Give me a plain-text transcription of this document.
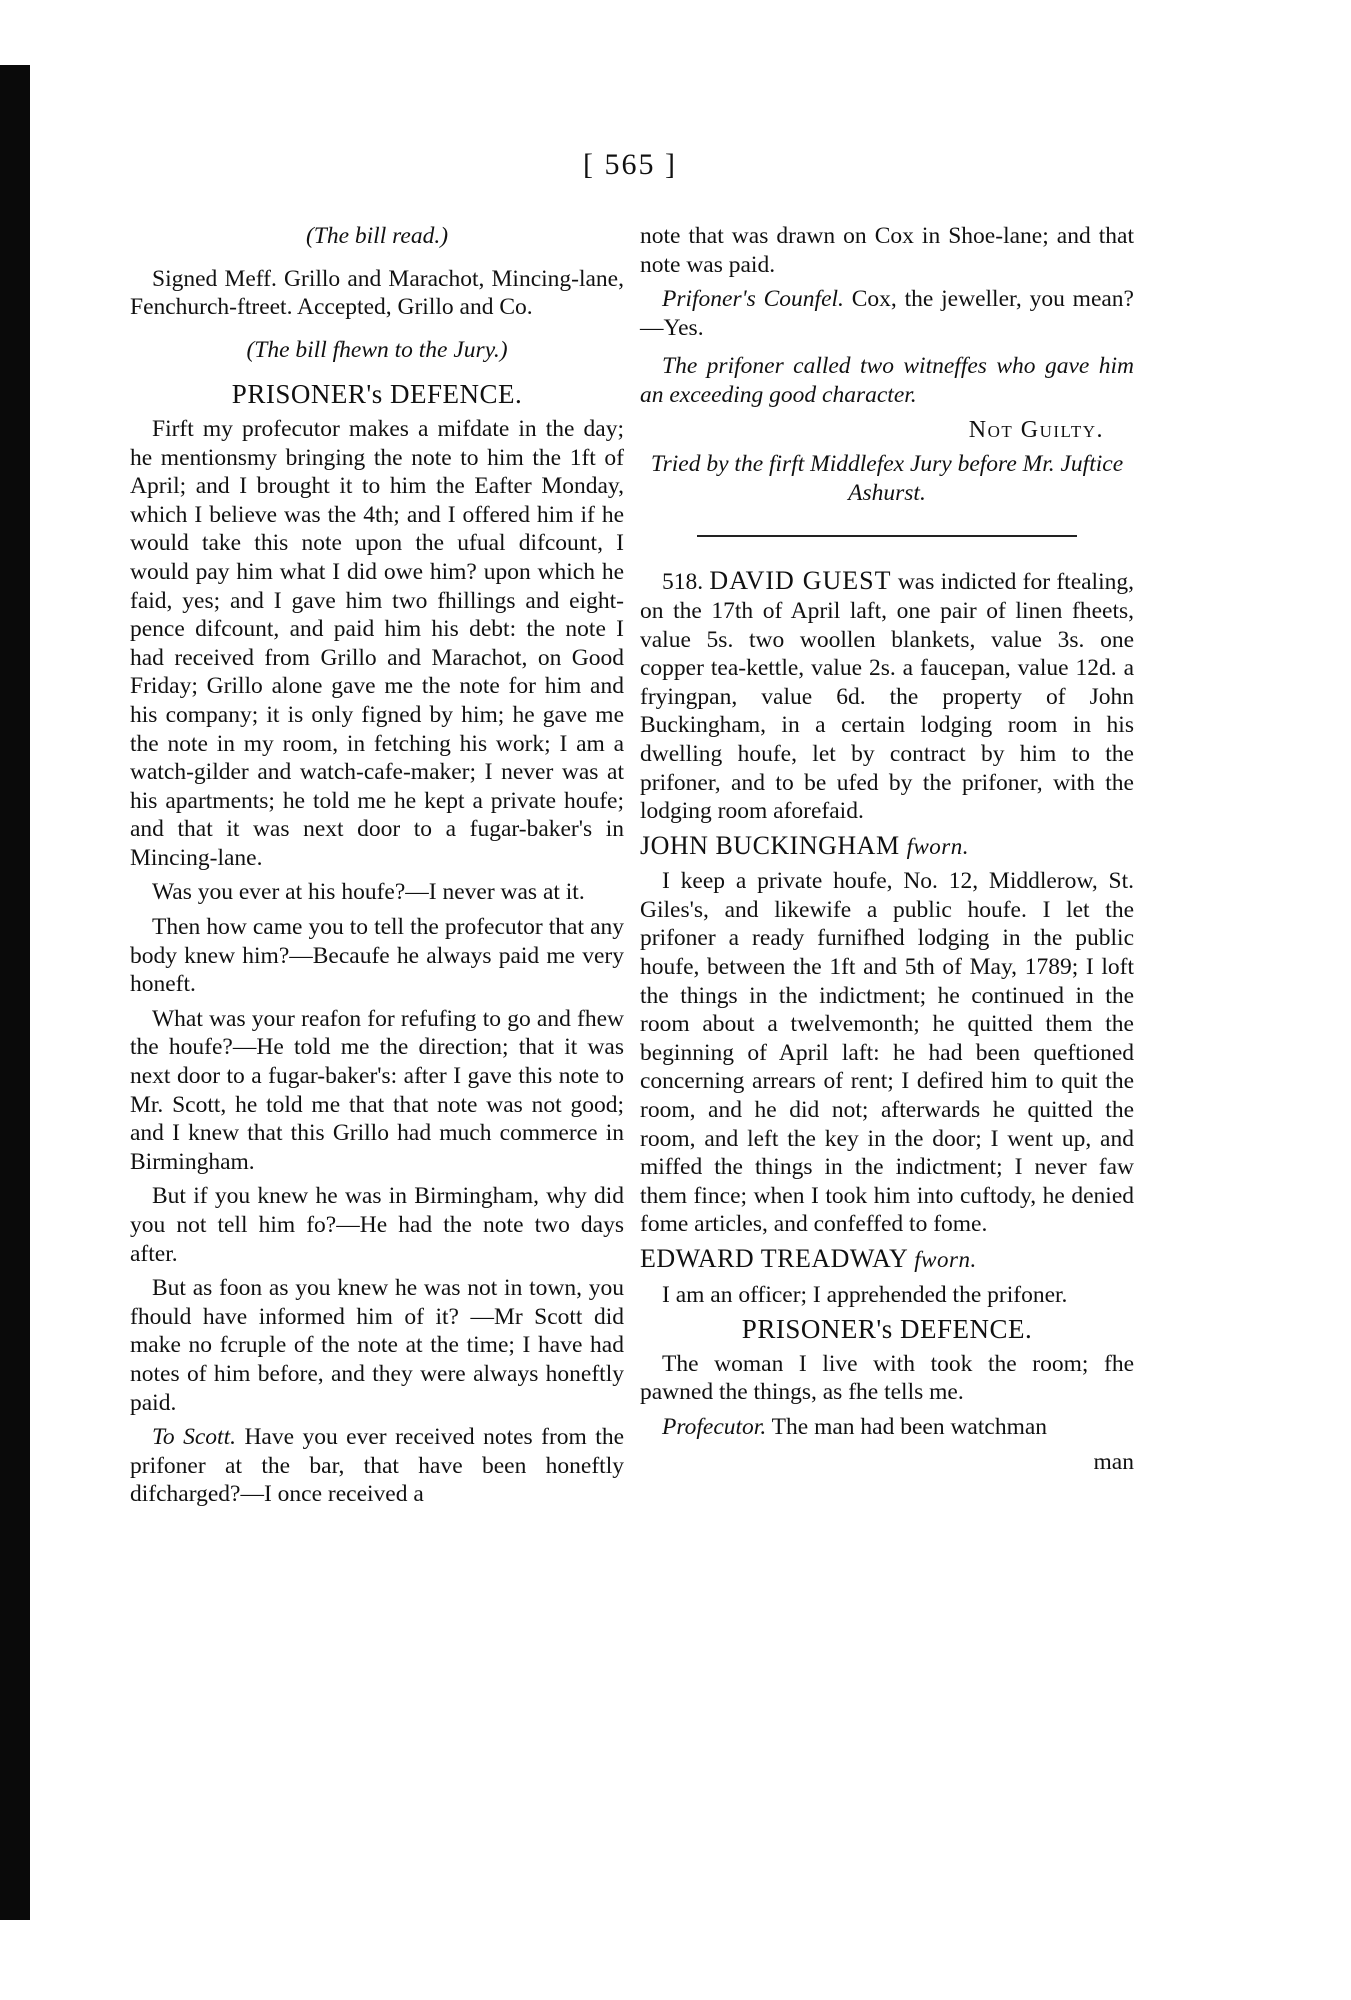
[ 565 ]

(The bill read.)

Signed Meff. Grillo and Marachot, Mincing-lane, Fenchurch-ftreet. Accepted, Grillo and Co.

(The bill fhewn to the Jury.)

PRISONER's DEFENCE.

Firft my profecutor makes a mifdate in the day; he mentionsmy bringing the note to him the 1ft of April; and I brought it to him the Eafter Monday, which I believe was the 4th; and I offered him if he would take this note upon the ufual difcount, I would pay him what I did owe him? upon which he faid, yes; and I gave him two fhillings and eight-pence difcount, and paid him his debt: the note I had received from Grillo and Marachot, on Good Friday; Grillo alone gave me the note for him and his company; it is only figned by him; he gave me the note in my room, in fetching his work; I am a watch-gilder and watch-cafe-maker; I never was at his apartments; he told me he kept a private houfe; and that it was next door to a fugar-baker's in Mincing-lane.

Was you ever at his houfe?—I never was at it.

Then how came you to tell the profecutor that any body knew him?—Becaufe he always paid me very honeft.

What was your reafon for refufing to go and fhew the houfe?—He told me the direction; that it was next door to a fugar-baker's: after I gave this note to Mr. Scott, he told me that that note was not good; and I knew that this Grillo had much commerce in Birmingham.

But if you knew he was in Birmingham, why did you not tell him fo?—He had the note two days after.

But as foon as you knew he was not in town, you fhould have informed him of it? —Mr Scott did make no fcruple of the note at the time; I have had notes of him before, and they were always honeftly paid.

To Scott. Have you ever received notes from the prifoner at the bar, that have been honeftly difcharged?—I once received a

note that was drawn on Cox in Shoe-lane; and that note was paid.

Prifoner's Counfel. Cox, the jeweller, you mean?—Yes.

The prifoner called two witneffes who gave him an exceeding good character.

Not Guilty.

Tried by the firft Middlefex Jury before Mr. Juftice Ashurst.

518. DAVID GUEST was indicted for ftealing, on the 17th of April laft, one pair of linen fheets, value 5s. two woollen blankets, value 3s. one copper tea-kettle, value 2s. a faucepan, value 12d. a fryingpan, value 6d. the property of John Buckingham, in a certain lodging room in his dwelling houfe, let by contract by him to the prifoner, and to be ufed by the prifoner, with the lodging room aforefaid.

JOHN BUCKINGHAM fworn.

I keep a private houfe, No. 12, Middlerow, St. Giles's, and likewife a public houfe. I let the prifoner a ready furnifhed lodging in the public houfe, between the 1ft and 5th of May, 1789; I loft the things in the indictment; he continued in the room about a twelvemonth; he quitted them the beginning of April laft: he had been queftioned concerning arrears of rent; I defired him to quit the room, and he did not; afterwards he quitted the room, and left the key in the door; I went up, and miffed the things in the indictment; I never faw them fince; when I took him into cuftody, he denied fome articles, and confeffed to fome.

EDWARD TREADWAY fworn.

I am an officer; I apprehended the prifoner.

PRISONER's DEFENCE.

The woman I live with took the room; fhe pawned the things, as fhe tells me.

Profecutor. The man had been watchman

man
